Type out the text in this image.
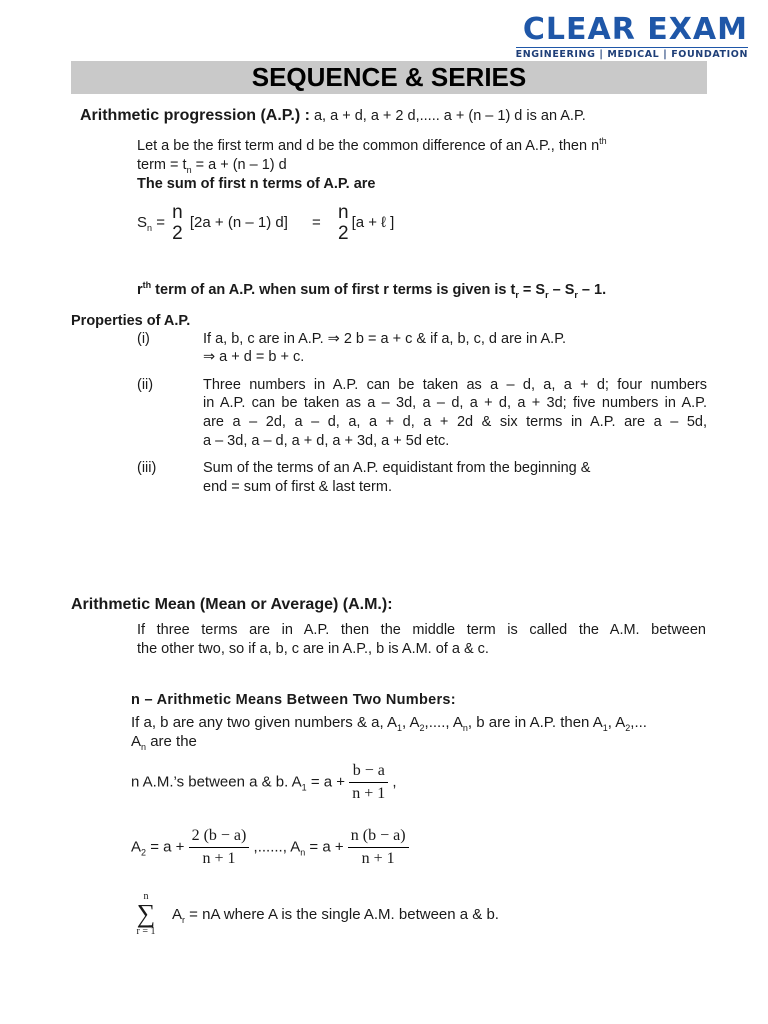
CLEAR EXAM
ENGINEERING | MEDICAL | FOUNDATION
SEQUENCE & SERIES
Arithmetic progression (A.P.) : a, a + d, a + 2 d,..... a + (n – 1) d is an A.P.
Let a be the first term and d be the common difference of an A.P., then $n^{th}$
term = $t_n = a + (n - 1)$ d
The sum of first n terms of A.P. are
$S_n = n$
2
[2a + (n – 1) d] = n
2
[a + ℓ ]
$r^{th}$ term of an A.P. when sum of first r terms is given is $t_r = S_r - S_r - 1$.
Properties of A.P.
(i)	If a, b, c are in A.P. ⇒ 2 b = a + c & if a, b, c, d are in A.P.
⇒ a + d = b + c.
(ii)	Three numbers in A.P. can be taken as a – d, a, a + d; four numbers
in A.P. can be taken as a – 3d, a – d, a + d, a + 3d; five numbers in A.P.
are a – 2d, a – d, a, a + d, a + 2d & six terms in A.P. are a – 5d,
a – 3d, a – d, a + d, a + 3d, a + 5d etc.
(iii)	Sum of the terms of an A.P. equidistant from the beginning &
end = sum of first & last term.
Arithmetic Mean (Mean or Average) (A.M.):
If three terms are in A.P. then the middle term is called the A.M. between
the other two, so if a, b, c are in A.P., b is A.M. of a & c.
n – Arithmetic Means Between Two Numbers:
If a, b are any two given numbers & a, $A_1$, $A_2$,...., $A_n$, b are in A.P. then $A_1$, $A_2$,...
$A_n$ are the
n A.M.’s between a & b. $A_1 = a + \frac{b - a}{n + 1}$ ,
$A_2 = a + \frac{2 (b - a)}{n + 1}$ ,......, $A_n = a + \frac{n (b - a)}{n + 1}$
n
∑
r = 1
$A_r$ = nA where A is the single A.M. between a & b.
